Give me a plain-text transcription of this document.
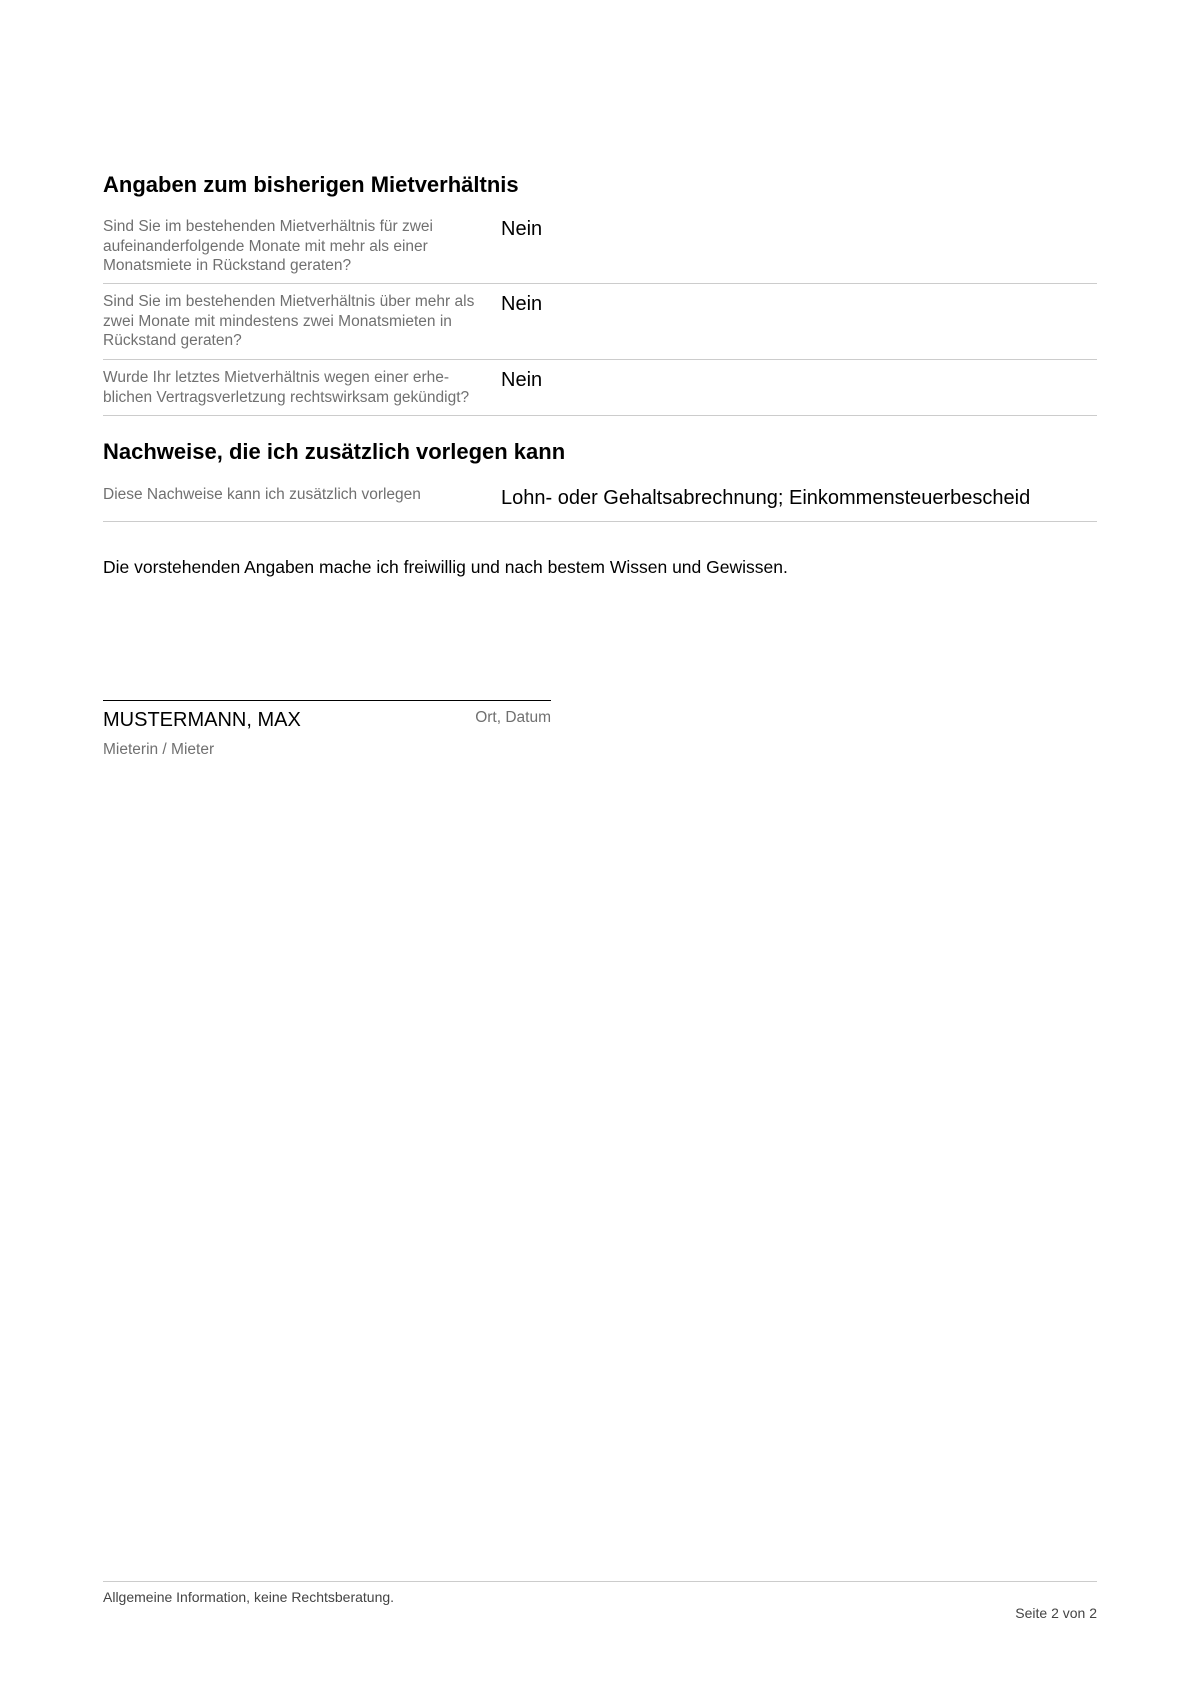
Angaben zum bisherigen Mietverhältnis
Sind Sie im bestehenden Mietverhältnis für zwei aufeinanderfolgende Monate mit mehr als einer Monatsmiete in Rückstand geraten?
Nein
Sind Sie im bestehenden Mietverhältnis über mehr als zwei Monate mit mindestens zwei Monatsmieten in Rückstand geraten?
Nein
Wurde Ihr letztes Mietverhältnis wegen einer erhe-blichen Vertragsverletzung rechtswirksam gekündigt?
Nein
Nachweise, die ich zusätzlich vorlegen kann
Diese Nachweise kann ich zusätzlich vorlegen	Lohn- oder Gehaltsabrechnung; Einkommensteuerbescheid
Die vorstehenden Angaben mache ich freiwillig und nach bestem Wissen und Gewissen.
MUSTERMANN, MAX	Ort, Datum
Mieterin / Mieter
Allgemeine Information, keine Rechtsberatung.
Seite 2 von 2
